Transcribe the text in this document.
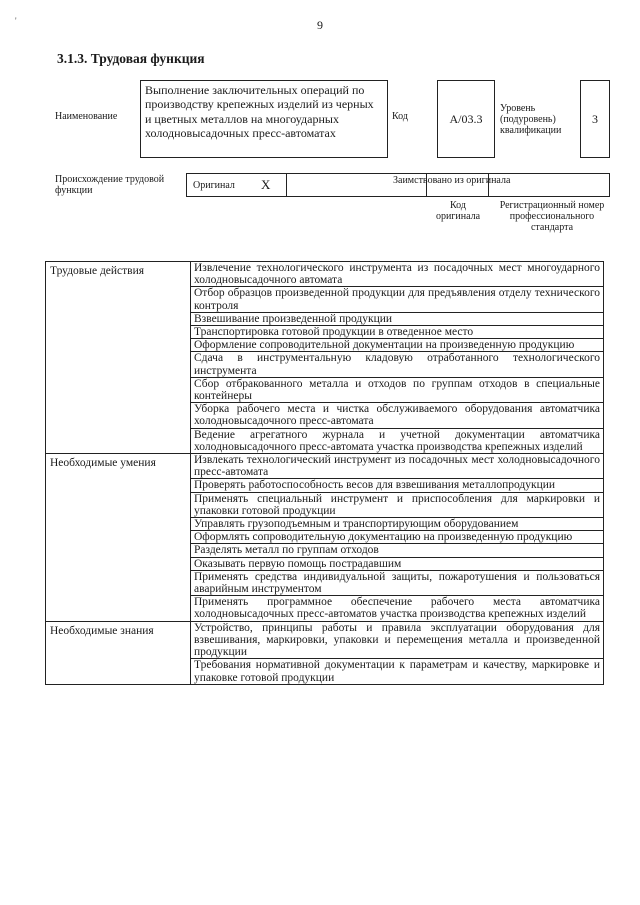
'	9
3.1.3. Трудовая функция
Наименование
Выполнение заключительных операций по производству крепежных изделий из черных и цветных металлов на многоударных холодновысадочных пресс-автоматах
Код	A/03.3
Уровень (подуровень) квалификации
3
Происхождение трудовой функции	Оригинал X	Заимствовано из оригинала
Код оригинала
Регистрационный номер профессионального стандарта
Трудовые действия	Извлечение технологического инструмента из посадочных мест многоударного холодновысадочного автомата
	Отбор образцов произведенной продукции для предъявления отделу технического контроля
	Взвешивание произведенной продукции
	Транспортировка готовой продукции в отведенное место
	Оформление сопроводительной документации на произведенную продукцию
	Сдача в инструментальную кладовую отработанного технологического инструмента
	Сбор отбракованного металла и отходов по группам отходов в специальные контейнеры
	Уборка рабочего места и чистка обслуживаемого оборудования автоматчика холодновысадочного пресс-автомата
	Ведение агрегатного журнала и учетной документации автоматчика холодновысадочного пресс-автомата участка производства крепежных изделий
Необходимые умения	Извлекать технологический инструмент из посадочных мест холодновысадочного пресс-автомата
	Проверять работоспособность весов для взвешивания металлопродукции
	Применять специальный инструмент и приспособления для маркировки и упаковки готовой продукции
	Управлять грузоподъемным и транспортирующим оборудованием
	Оформлять сопроводительную документацию на произведенную продукцию
	Разделять металл по группам отходов
	Оказывать первую помощь пострадавшим
	Применять средства индивидуальной защиты, пожаротушения и пользоваться аварийным инструментом
	Применять программное обеспечение рабочего места автоматчика холодновысадочных пресс-автоматов участка производства крепежных изделий
Необходимые знания	Устройство, принципы работы и правила эксплуатации оборудования для взвешивания, маркировки, упаковки и перемещения металла и произведенной продукции
	Требования нормативной документации к параметрам и качеству, маркировке и упаковке готовой продукции
